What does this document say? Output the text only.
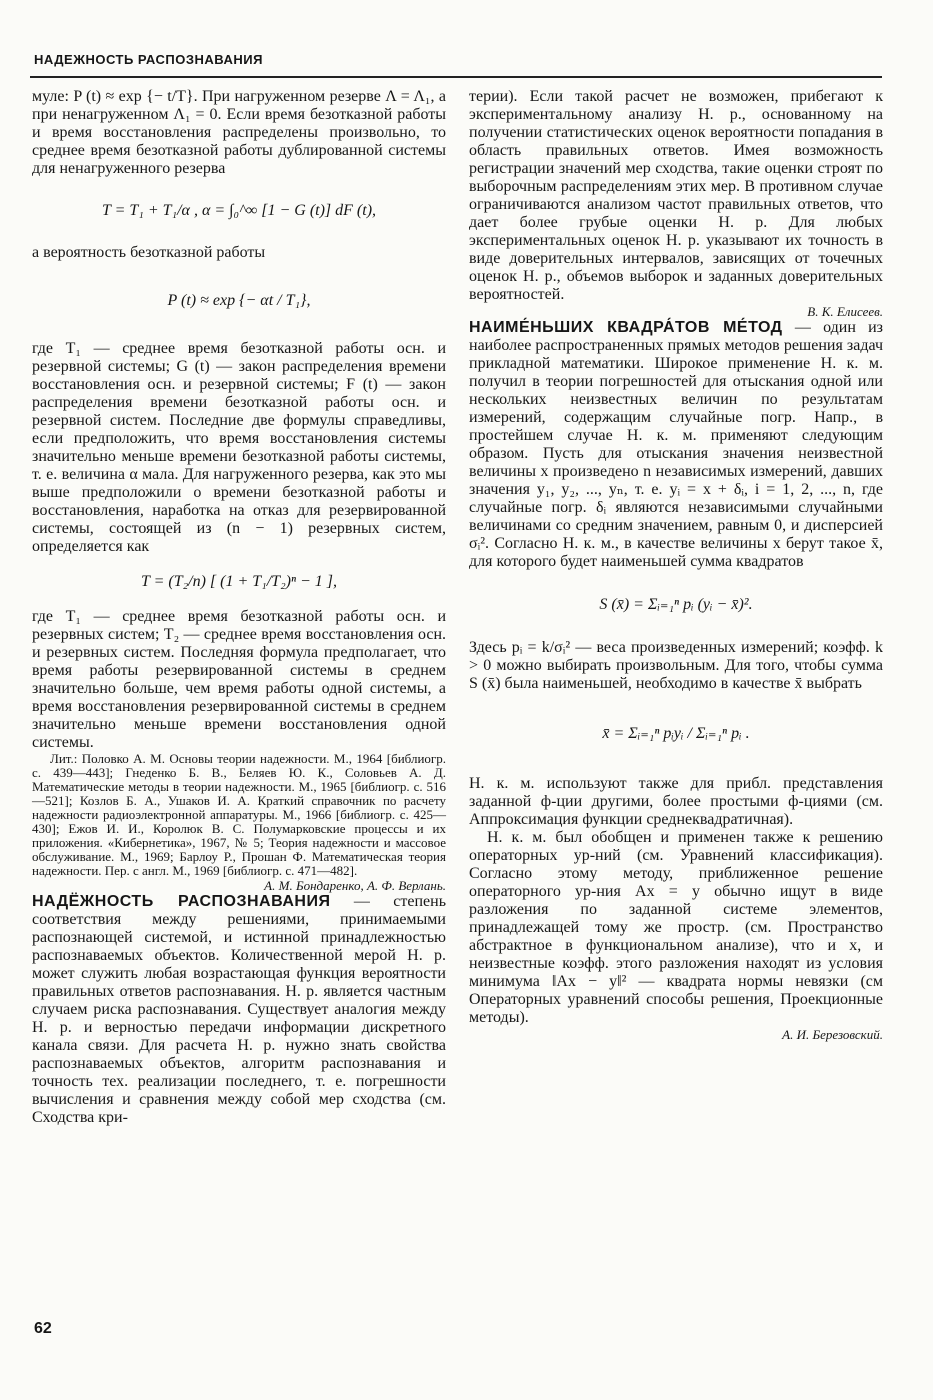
НАДЕЖНОСТЬ РАСПОЗНАВАНИЯ

муле: P (t) ≈ exp {− t/T}. При нагруженном резерве Λ = Λ₁, а при ненагруженном Λ₁ = 0. Если время безотказной работы и время восстановления распределены произвольно, то среднее время безотказной работы дублированной системы для ненагруженного резерва

T = T₁ + T₁/α , α = ∫₀^∞ [1 − G (t)] dF (t),

а вероятность безотказной работы

P (t) ≈ exp {− αt / T₁},

где T₁ — среднее время безотказной работы осн. и резервной системы; G (t) — закон распределения времени восстановления осн. и резервной системы; F (t) — закон распределения времени безотказной работы осн. и резервной систем. Последние две формулы справедливы, если предположить, что время восстановления системы значительно меньше времени безотказной работы системы, т. е. величина α мала. Для нагруженного резерва, как это мы выше предположили о времени безотказной работы и восстановления, наработка на отказ для резервированной системы, состоящей из (n − 1) резервных систем, определяется как

T = (T₂/n) [ (1 + T₁/T₂)ⁿ − 1 ],

где T₁ — среднее время безотказной работы осн. и резервных систем; T₂ — среднее время восстановления осн. и резервных систем. Последняя формула предполагает, что время работы резервированной системы в среднем значительно больше, чем время работы одной системы, а время восстановления резервированной системы в среднем значительно меньше времени восстановления одной системы.

Лит.: Половко А. М. Основы теории надежности. М., 1964 [библиогр. с. 439—443]; Гнеденко Б. В., Беляев Ю. К., Соловьев А. Д. Математические методы в теории надежности. М., 1965 [библиогр. с. 516—521]; Козлов Б. А., Ушаков И. А. Краткий справочник по расчету надежности радиоэлектронной аппаратуры. М., 1966 [библиогр. с. 425—430]; Ежов И. И., Королюк В. С. Полумарковские процессы и их приложения. «Кибернетика», 1967, № 5; Теория надежности и массовое обслуживание. М., 1969; Барлоу Р., Прошан Ф. Математическая теория надежности. Пер. с англ. М., 1969 [библиогр. с. 471—482].

А. М. Бондаренко, А. Ф. Верлань.

НАДЁЖНОСТЬ РАСПОЗНАВАНИЯ — степень соответствия между решениями, принимаемыми распознающей системой, и истинной принадлежностью распознаваемых объектов. Количественной мерой Н. р. может служить любая возрастающая функция вероятности правильных ответов распознавания. Н. р. является частным случаем риска распознавания. Существует аналогия между Н. р. и верностью передачи информации дискретного канала связи. Для расчета Н. р. нужно знать свойства распознаваемых объектов, алгоритм распознавания и точность тех. реализации последнего, т. е. погрешности вычисления и сравнения между собой мер сходства (см. Сходства кри-

терии). Если такой расчет не возможен, прибегают к экспериментальному анализу Н. р., основанному на получении статистических оценок вероятности попадания в область правильных ответов. Имея возможность регистрации значений мер сходства, такие оценки строят по выборочным распределениям этих мер. В противном случае ограничиваются анализом частот правильных ответов, что дает более грубые оценки Н. р. Для любых экспериментальных оценок Н. р. указывают их точность в виде доверительных интервалов, зависящих от точечных оценок Н. р., объемов выборок и заданных доверительных вероятностей.

В. К. Елисеев.

НАИМЕ́НЬШИХ КВАДРА́ТОВ МЕ́ТОД — один из наиболее распространенных прямых методов решения задач прикладной математики. Широкое применение Н. к. м. получил в теории погрешностей для отыскания одной или нескольких неизвестных величин по результатам измерений, содержащим случайные погр. Напр., в простейшем случае Н. к. м. применяют следующим образом. Пусть для отыскания значения неизвестной величины x произведено n независимых измерений, давших значения y₁, y₂, ..., yₙ, т. е. yᵢ = x + δᵢ, i = 1, 2, ..., n, где случайные погр. δᵢ являются независимыми случайными величинами со средним значением, равным 0, и дисперсией σᵢ². Согласно Н. к. м., в качестве величины x берут такое x̄, для которого будет наименьшей сумма квадратов

S (x̄) = Σᵢ₌₁ⁿ pᵢ (yᵢ − x̄)².

Здесь pᵢ = k/σᵢ² — веса произведенных измерений; коэфф. k > 0 можно выбирать произвольным. Для того, чтобы сумма S (x̄) была наименьшей, необходимо в качестве x̄ выбрать

x̄ = Σᵢ₌₁ⁿ pᵢyᵢ / Σᵢ₌₁ⁿ pᵢ .

Н. к. м. используют также для прибл. представления заданной ф-ции другими, более простыми ф-циями (см. Аппроксимация функции среднеквадратичная).

Н. к. м. был обобщен и применен также к решению операторных ур-ний (см. Уравнений классификация). Согласно этому методу, приближенное решение операторного ур-ния Ax = y обычно ищут в виде разложения по заданной системе элементов, принадлежащей тому же простр. (см. Пространство абстрактное в функциональном анализе), что и x, и неизвестные коэфф. этого разложения находят из условия минимума ‖Ax − y‖² — квадрата нормы невязки (см Операторных уравнений способы решения, Проекционные методы).

А. И. Березовский.

62
